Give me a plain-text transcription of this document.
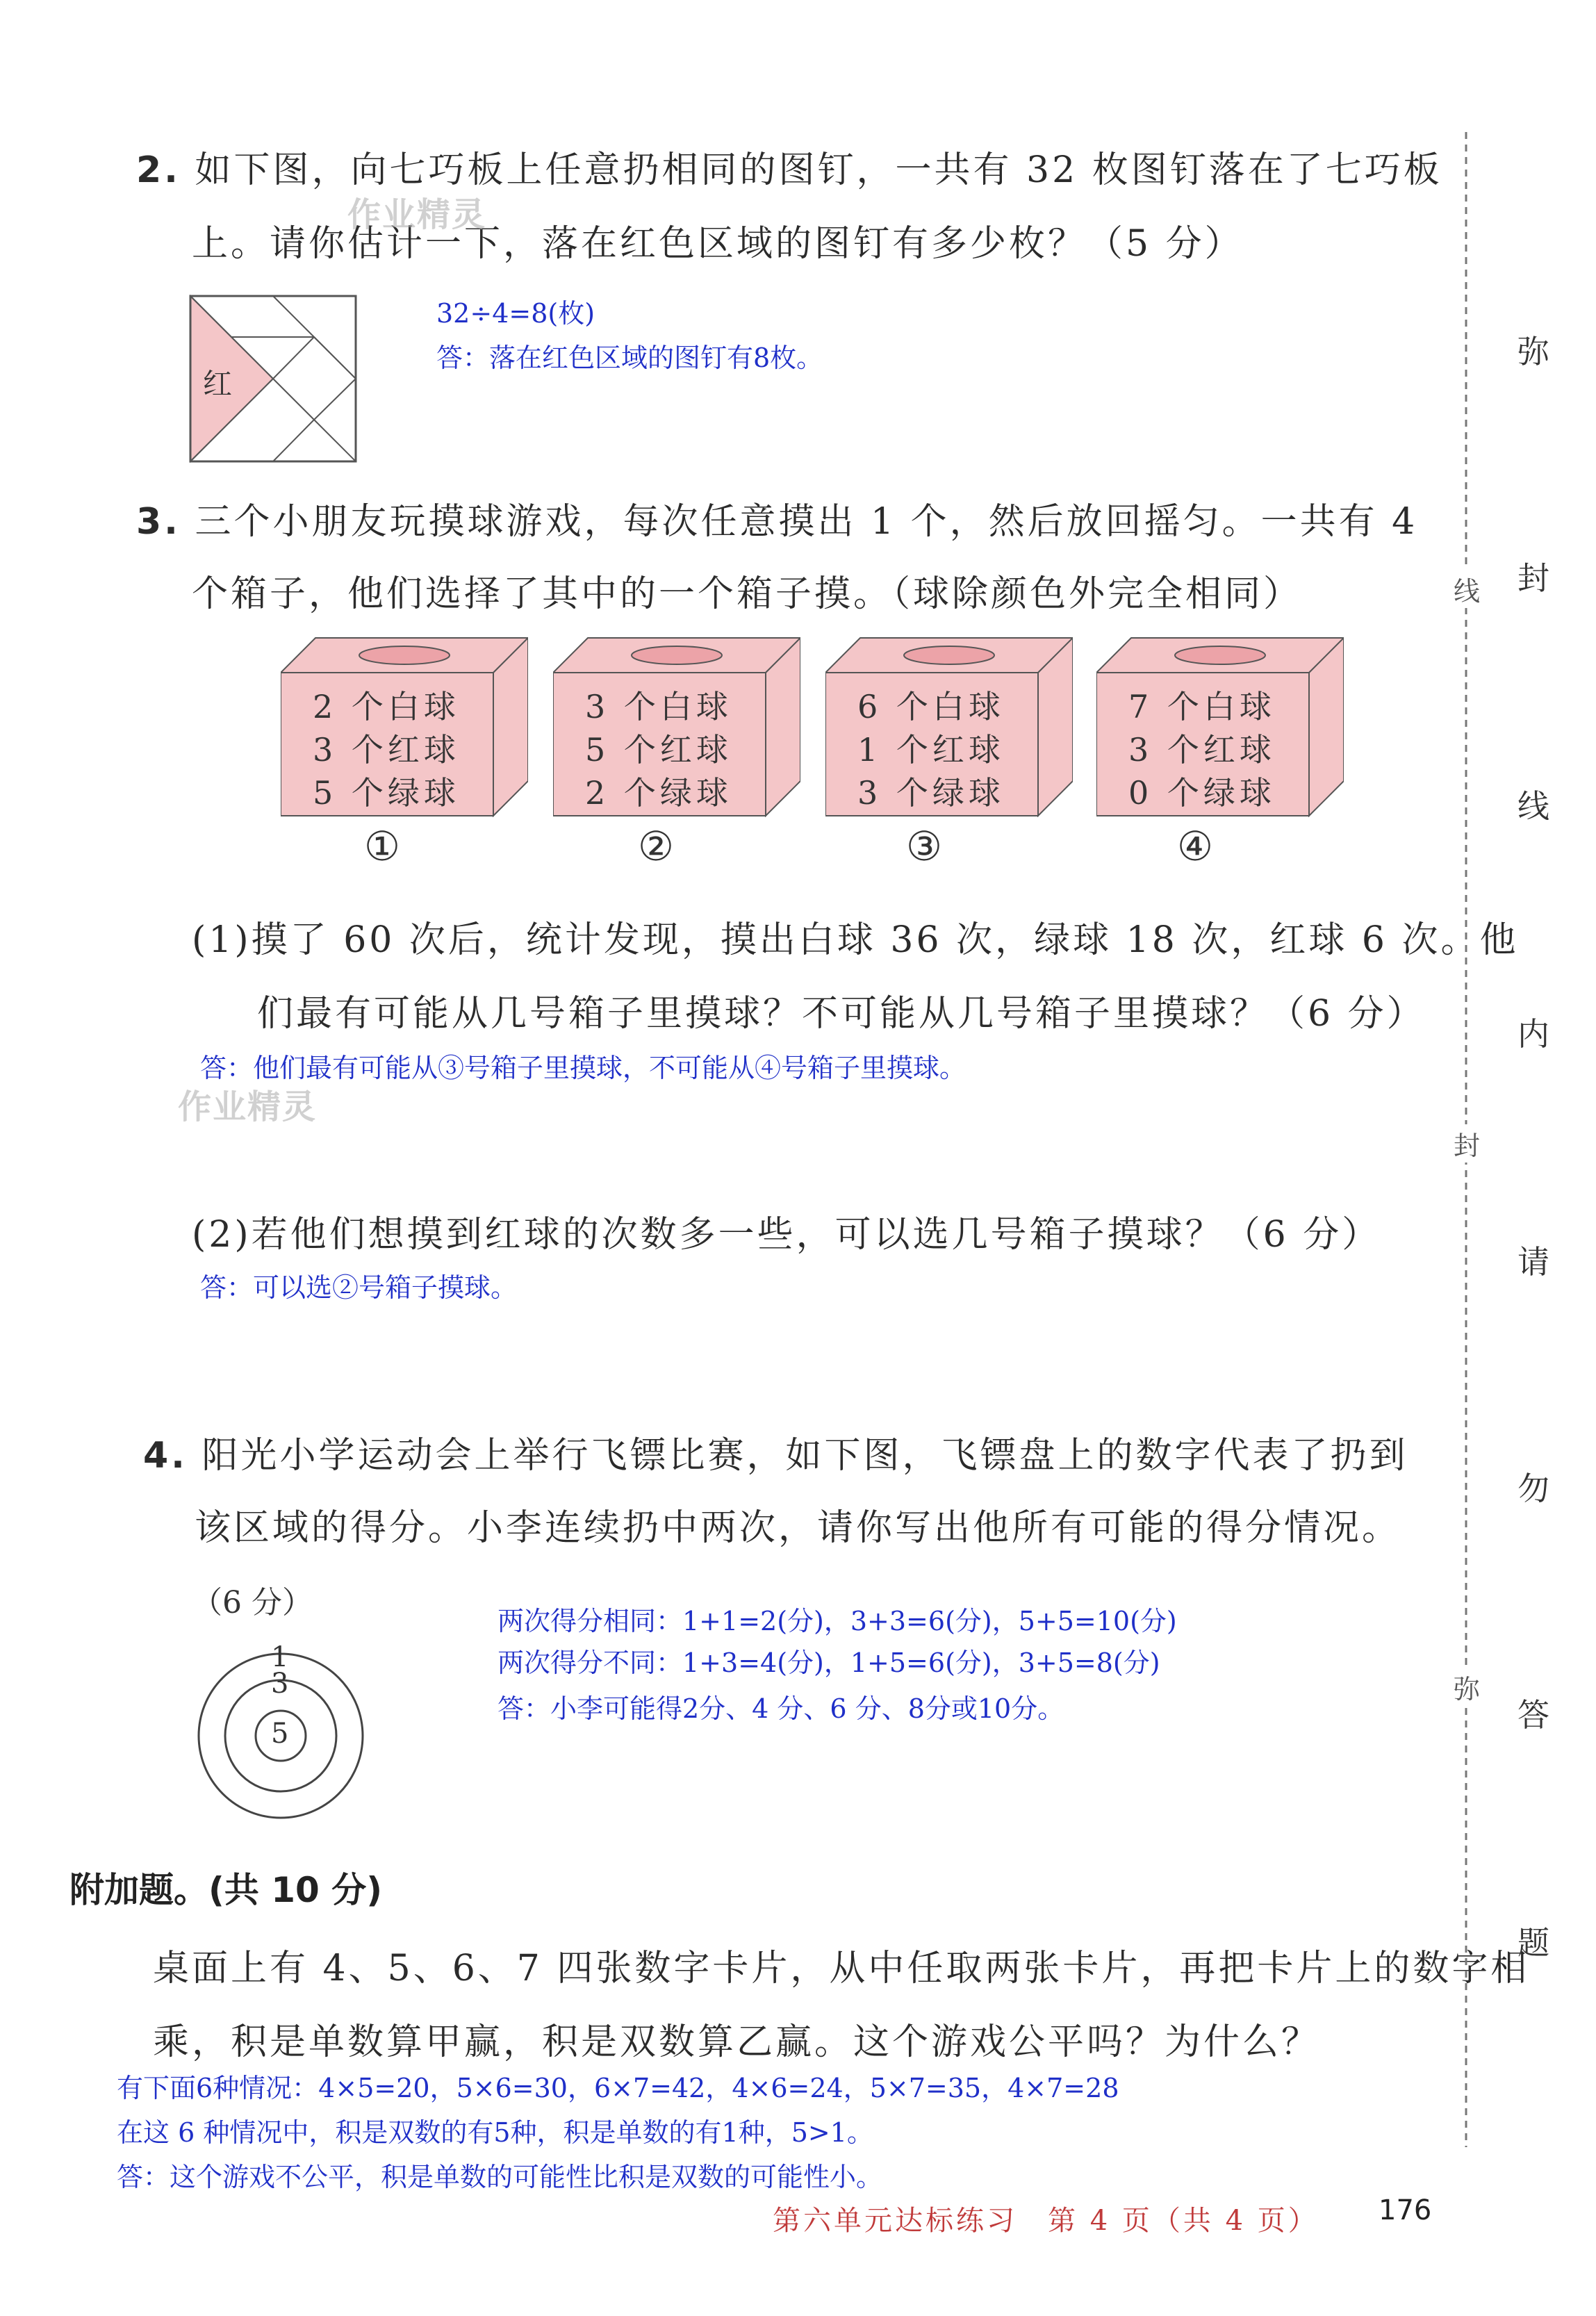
2. 如下图，向七巧板上任意扔相同的图钉，一共有 32 枚图钉落在了七巧板
上。请你估计一下，落在红色区域的图钉有多少枚？（5 分）
作业精灵
红
32÷4=8(枚)
答：落在红色区域的图钉有8枚。
3. 三个小朋友玩摸球游戏，每次任意摸出 1 个，然后放回摇匀。一共有 4
个箱子，他们选择了其中的一个箱子摸。（球除颜色外完全相同）
2 个白球
3 个红球
5 个绿球
①
3 个白球
5 个红球
2 个绿球
②
6 个白球
1 个红球
3 个绿球
③
7 个白球
3 个红球
0 个绿球
④
(1)摸了 60 次后，统计发现，摸出白球 36 次，绿球 18 次，红球 6 次。他
们最有可能从几号箱子里摸球？不可能从几号箱子里摸球？（6 分）
答：他们最有可能从③号箱子里摸球，不可能从④号箱子里摸球。
作业精灵
(2)若他们想摸到红球的次数多一些，可以选几号箱子摸球？（6 分）
答：可以选②号箱子摸球。
4. 阳光小学运动会上举行飞镖比赛，如下图，飞镖盘上的数字代表了扔到
该区域的得分。小李连续扔中两次，请你写出他所有可能的得分情况。
（6 分）
1
3
5
两次得分相同：1+1=2(分)，3+3=6(分)，5+5=10(分)
两次得分不同：1+3=4(分)，1+5=6(分)，3+5=8(分)
答：小李可能得2分、4 分、6 分、8分或10分。
附加题。(共 10 分)
桌面上有 4、5、6、7 四张数字卡片，从中任取两张卡片，再把卡片上的数字相
乘，积是单数算甲赢，积是双数算乙赢。这个游戏公平吗？为什么？
有下面6种情况：4×5=20，5×6=30，6×7=42，4×6=24，5×7=35，4×7=28
在这 6 种情况中，积是双数的有5种，积是单数的有1种，5>1。
答：这个游戏不公平，积是单数的可能性比积是双数的可能性小。
线
封
弥
弥
封
线
内
请
勿
答
题
第六单元达标练习　第 4 页（共 4 页） 176
